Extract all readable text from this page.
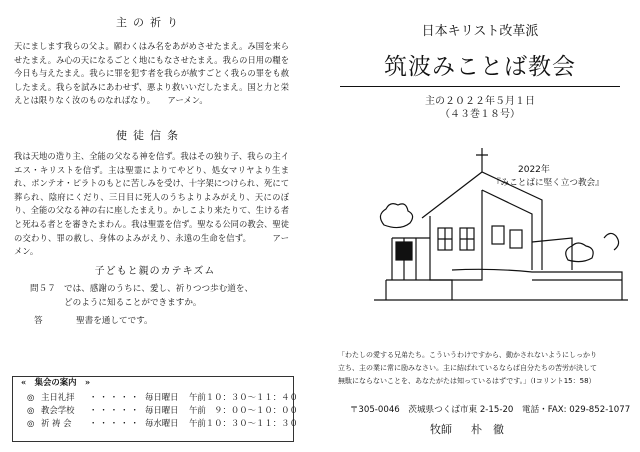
主の祈り
天にまします我らの父よ。願わくはみ名をあがめさせたまえ。み国を来らせたまえ。み心の天になるごとく地にもなさせたまえ。我らの日用の糧を今日も与えたまえ。我らに罪を犯す者を我らが赦すごとく我らの罪をも赦したまえ。我らを試みにあわせず、悪より救いいだしたまえ。国と力と栄えとは限りなく汝のものなればなり。　　アーメン。
使徒信条
我は天地の造り主、全能の父なる神を信ず。我はその独り子、我らの主イエス・キリストを信ず。主は聖霊によりてやどり、処女マリヤより生まれ、ポンテオ・ピラトのもとに苦しみを受け、十字架につけられ、死にて葬られ、陰府にくだり、三日目に死人のうちよりよみがえり、天にのぼり、全能の父なる神の右に座したまえり。かしこより来たりて、生ける者と死ねる者とを審きたまわん。我は聖霊を信ず。聖なる公同の教会、聖徒の交わり、罪の赦し、身体のよみがえり、永遠の生命を信ず。　　　アーメン。
子どもと親のカテキズム
問５７ では、感謝のうちに、愛し、祈りつつ歩む道を、
どのように知ることができますか。
答	聖書を通してです。
«　集会の案内　»
◎ 主日礼拝	・・・・・ 毎日曜日	午前１０：３０～１１：４０
◎ 教会学校	・・・・・ 毎日曜日	午前　９：００～１０：００
◎ 祈 祷 会	・・・・・ 毎水曜日	午前１０：３０～１１：３０
日本キリスト改革派
筑波みことば教会
主の２０２２年５月１日
（４３巻１８号）
2022年
『みことばに堅く立つ教会』
「わたしの愛する兄弟たち。こういうわけですから、動かされないようにしっかり
立ち、主の業に常に励みなさい。主に結ばれているならば自分たちの苦労が決して
無駄にならないことを、あなたがたは知っているはずです。」（Ⅰコリント15：58）
〒305-0046　茨城県つくば市東 2-15-20　電話・FAX: 029-852-1077
牧師 朴　徹
